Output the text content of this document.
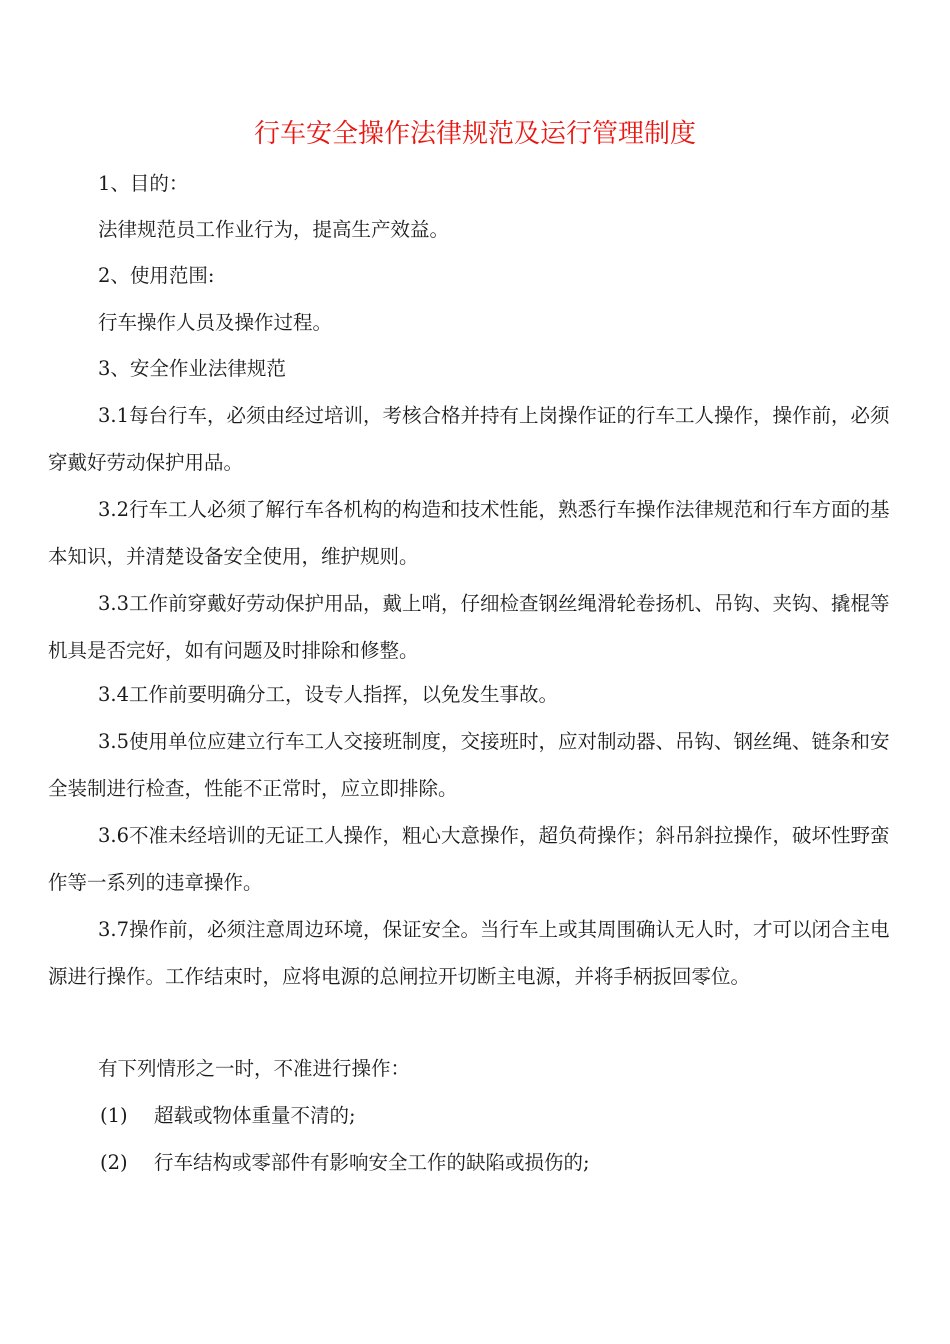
行车安全操作法律规范及运行管理制度

1、目的：

法律规范员工作业行为，提高生产效益。

2、使用范围:

行车操作人员及操作过程。

3、安全作业法律规范

3.1每台行车，必须由经过培训，考核合格并持有上岗操作证的行车工人操作，操作前，必须穿戴好劳动保护用品。

3.2行车工人必须了解行车各机构的构造和技术性能，熟悉行车操作法律规范和行车方面的基本知识，并清楚设备安全使用，维护规则。

3.3工作前穿戴好劳动保护用品，戴上哨，仔细检查钢丝绳滑轮卷扬机、吊钩、夹钩、撬棍等机具是否完好，如有问题及时排除和修整。

3.4工作前要明确分工，设专人指挥，以免发生事故。

3.5使用单位应建立行车工人交接班制度，交接班时，应对制动器、吊钩、钢丝绳、链条和安全装制进行检查，性能不正常时，应立即排除。

3.6不准未经培训的无证工人操作，粗心大意操作，超负荷操作；斜吊斜拉操作，破坏性野蛮作等一系列的违章操作。

3.7操作前，必须注意周边环境，保证安全。当行车上或其周围确认无人时，才可以闭合主电源进行操作。工作结束时，应将电源的总闸拉开切断主电源，并将手柄扳回零位。

有下列情形之一时，不准进行操作：

(1) 超载或物体重量不清的;
(2) 行车结构或零部件有影响安全工作的缺陷或损伤的;
